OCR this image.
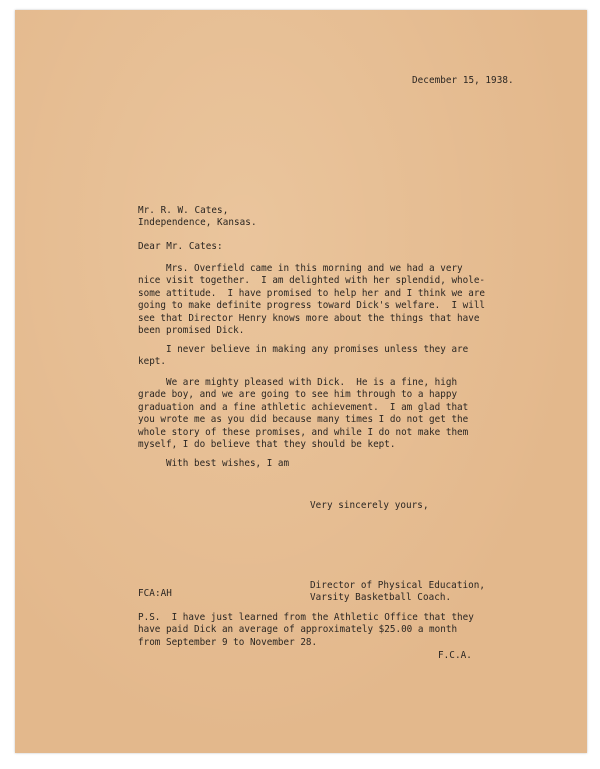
December 15, 1938.
Mr. R. W. Cates,
Independence, Kansas.
Dear Mr. Cates:
Mrs. Overfield came in this morning and we had a very
nice visit together.  I am delighted with her splendid, whole-
some attitude.  I have promised to help her and I think we are
going to make definite progress toward Dick's welfare.  I will
see that Director Henry knows more about the things that have
been promised Dick.
I never believe in making any promises unless they are
kept.
We are mighty pleased with Dick.  He is a fine, high
grade boy, and we are going to see him through to a happy
graduation and a fine athletic achievement.  I am glad that
you wrote me as you did because many times I do not get the
whole story of these promises, and while I do not make them
myself, I do believe that they should be kept.
With best wishes, I am
Very sincerely yours,
Director of Physical Education,
Varsity Basketball Coach.
FCA:AH
P.S.  I have just learned from the Athletic Office that they
have paid Dick an average of approximately $25.00 a month
from September 9 to November 28.
F.C.A.
